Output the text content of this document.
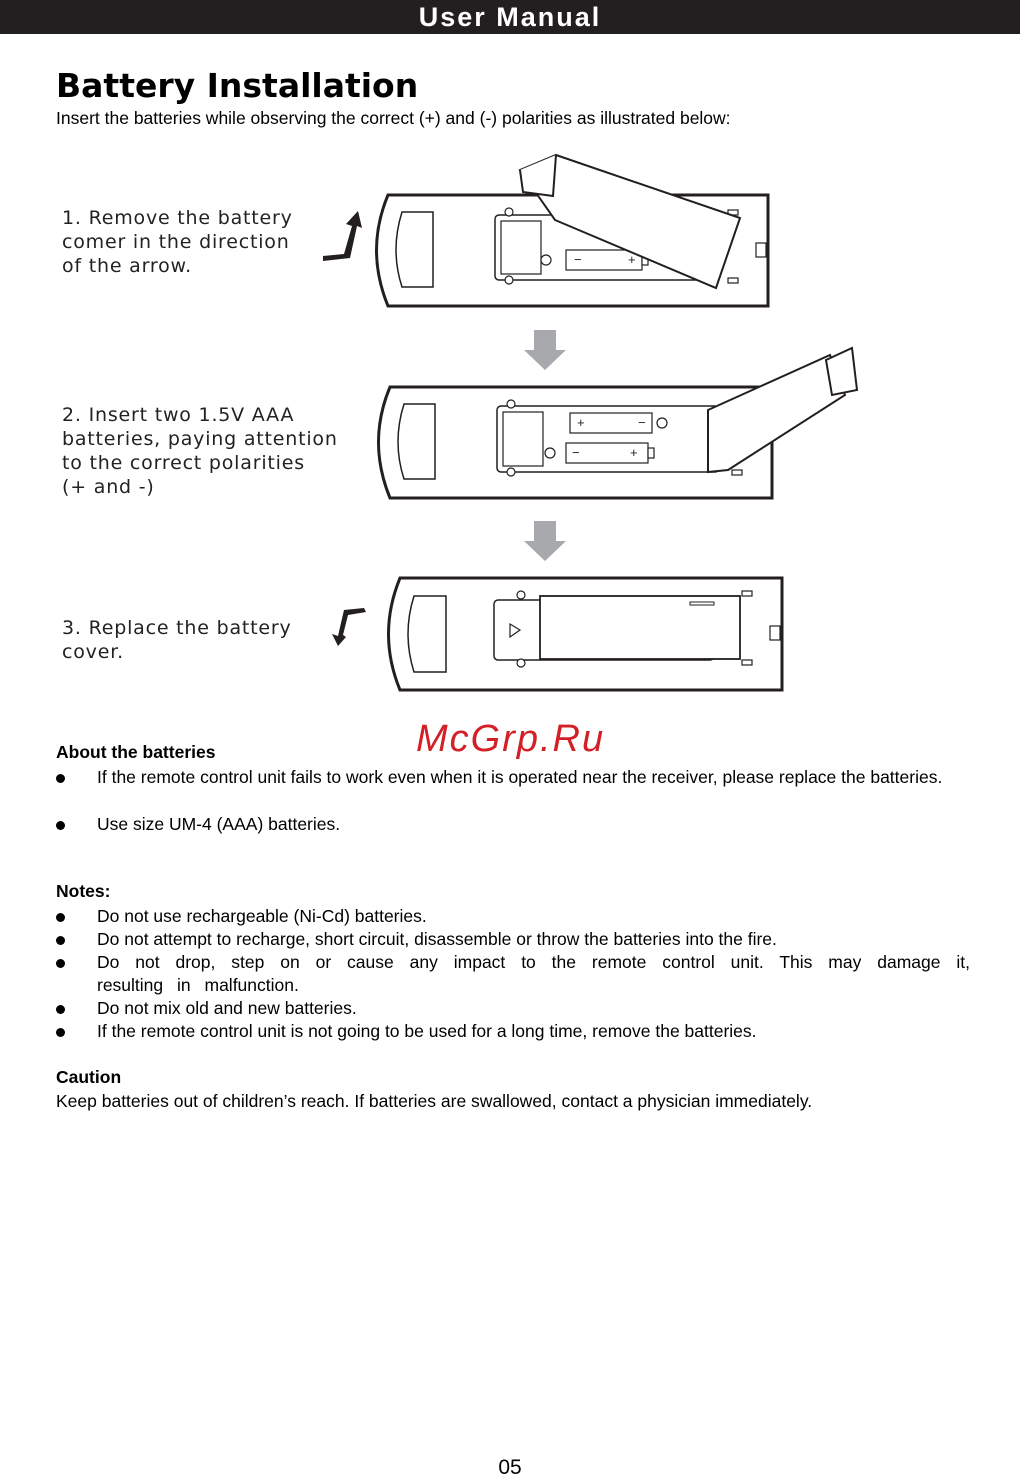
User Manual
Battery Installation
Insert the batteries while observing the correct (+) and (-) polarities as illustrated below:
1. Remove the battery
comer in the direction
of the arrow.
2. Insert two 1.5V AAA
batteries, paying attention
to the correct polarities
(+ and -)
3. Replace the battery
cover.
−	+
+	−
−	+
McGrp.Ru
About the batteries
If the remote control unit fails to work even when it is operated near the receiver, please replace the batteries.
Use size UM-4 (AAA) batteries.
Notes:
Do not use rechargeable (Ni-Cd) batteries.
Do not attempt to recharge, short circuit, disassemble or throw the batteries into the fire.
Do not drop, step on or cause any impact to the remote control unit. This may damage it, resulting in malfunction.
Do not mix old and new batteries.
If the remote control unit is not going to be used for a long time, remove the batteries.
Caution
Keep batteries out of children’s reach. If batteries are swallowed, contact a physician immediately.
05
